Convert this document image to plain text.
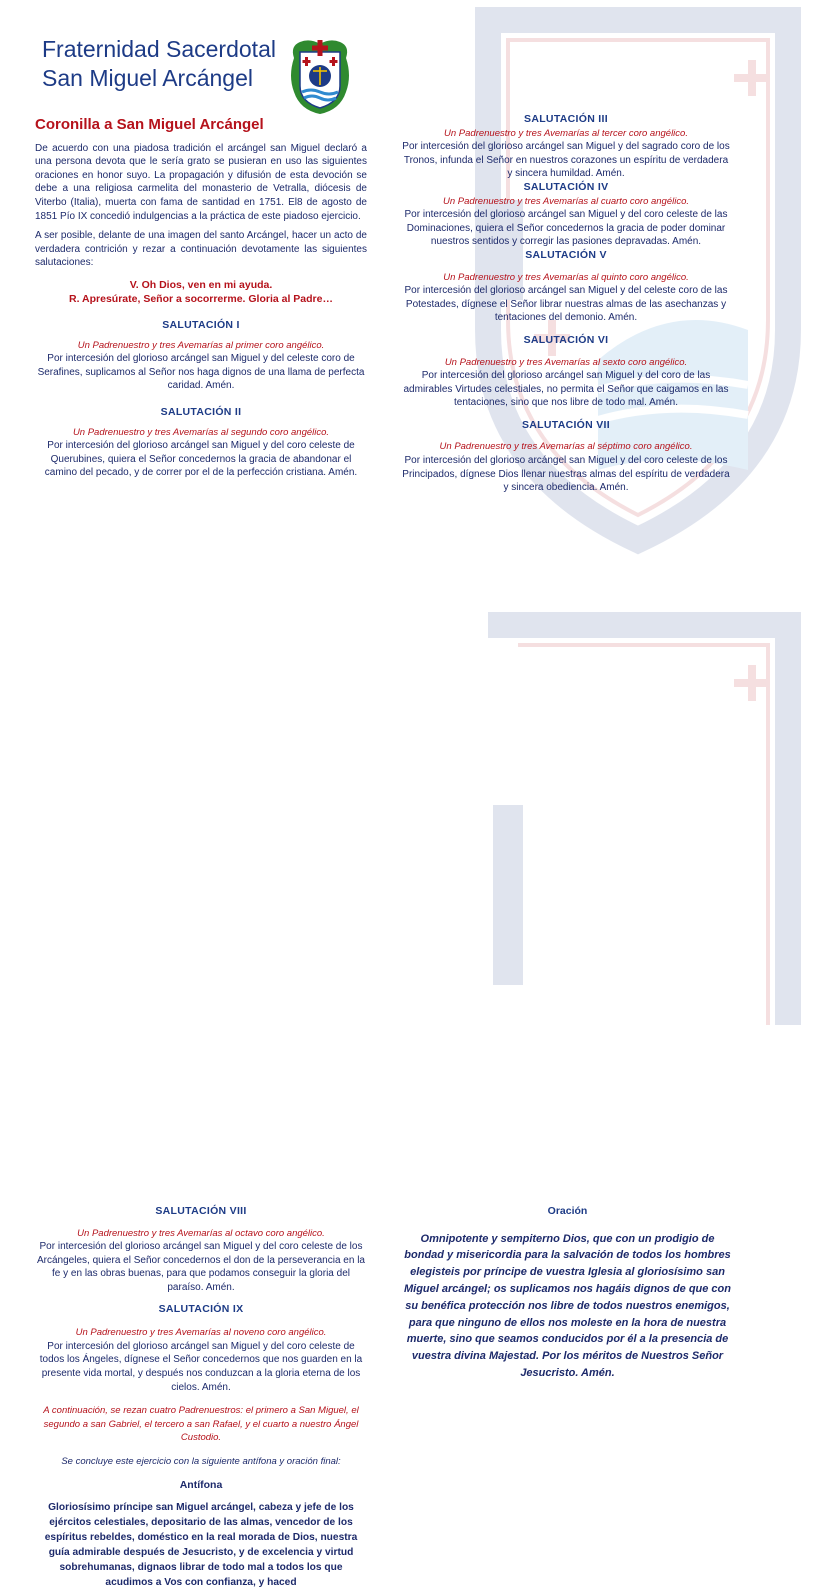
Fraternidad Sacerdotal
San Miguel Arcángel
Coronilla a San Miguel Arcángel

De acuerdo con una piadosa tradición el arcángel san Miguel declaró a una persona devota que le sería grato se pusieran en uso las siguientes oraciones en honor suyo. La propagación y difusión de esta devoción se debe a una religiosa carmelita del monasterio de Vetralla, diócesis de Viterbo (Italia), muerta con fama de santidad en 1751. El8 de agosto de 1851 Pío IX concedió indulgencias a la práctica de este piadoso ejercicio.

A ser posible, delante de una imagen del santo Arcángel, hacer un acto de verdadera contrición y rezar a continuación devotamente las siguientes salutaciones:

V. Oh Dios, ven en mi ayuda.
R. Apresúrate, Señor a socorrerme. Gloria al Padre…
SALUTACIÓN I
Un Padrenuestro y tres Avemarías al primer coro angélico.
Por intercesión del glorioso arcángel san Miguel y del celeste coro de Serafines, suplicamos al Señor nos haga dignos de una llama de perfecta caridad. Amén.
SALUTACIÓN II
Un Padrenuestro y tres Avemarías al segundo coro angélico.
Por intercesión del glorioso arcángel san Miguel y del coro celeste de Querubines, quiera el Señor concedernos la gracia de abandonar el camino del pecado, y de correr por el de la perfección cristiana. Amén.
SALUTACIÓN III
Un Padrenuestro y tres Avemarías al tercer coro angélico.
Por intercesión del glorioso arcángel san Miguel y del sagrado coro de los Tronos, infunda el Señor en nuestros corazones un espíritu de verdadera y sincera humildad. Amén.
SALUTACIÓN IV
Un Padrenuestro y tres Avemarías al cuarto coro angélico.
Por intercesión del glorioso arcángel san Miguel y del coro celeste de las Dominaciones, quiera el Señor concedernos la gracia de poder dominar nuestros sentidos y corregir las pasiones depravadas. Amén.
SALUTACIÓN V
Un Padrenuestro y tres Avemarías al quinto coro angélico.
Por intercesión del glorioso arcángel san Miguel y del celeste coro de las Potestades, dígnese el Señor librar nuestras almas de las asechanzas y tentaciones del demonio. Amén.
SALUTACIÓN VI
Un Padrenuestro y tres Avemarías al sexto coro angélico.
Por intercesión del glorioso arcángel san Miguel y del coro de las admirables Virtudes celestiales, no permita el Señor que caigamos en las tentaciones, sino que nos libre de todo mal. Amén.
SALUTACIÓN VII
Un Padrenuestro y tres Avemarías al séptimo coro angélico.
Por intercesión del glorioso arcángel san Miguel y del coro celeste de los Principados, dígnese Dios llenar nuestras almas del espíritu de verdadera y sincera obediencia. Amén.
SALUTACIÓN VIII
Un Padrenuestro y tres Avemarías al octavo coro angélico.
Por intercesión del glorioso arcángel san Miguel y del coro celeste de los Arcángeles, quiera el Señor concedernos el don de la perseverancia en la fe y en las obras buenas, para que podamos conseguir la gloria del paraíso. Amén.
SALUTACIÓN IX
Un Padrenuestro y tres Avemarías al noveno coro angélico.
Por intercesión del glorioso arcángel san Miguel y del coro celeste de todos los Ángeles, dígnese el Señor concedernos que nos guarden en la presente vida mortal, y después nos conduzcan a la gloria eterna de los cielos. Amén.
A continuación, se rezan cuatro Padrenuestros: el primero a San Miguel, el segundo a san Gabriel, el tercero a san Rafael, y el cuarto a nuestro Ángel Custodio.
Se concluye este ejercicio con la siguiente antífona y oración final:
Antífona
Gloriosísimo príncipe san Miguel arcángel, cabeza y jefe de los ejércitos celestiales, depositario de las almas, vencedor de los espíritus rebeldes, doméstico en la real morada de Dios, nuestra guía admirable después de Jesucristo, y de excelencia y virtud sobrehumanas, dignaos librar de todo mal a todos los que acudimos a Vos con confianza, y haced
Oración
Omnipotente y sempiterno Dios, que con un prodigio de bondad y misericordia para la salvación de todos los hombres elegisteis por príncipe de vuestra Iglesia al gloriosísimo san Miguel arcángel; os suplicamos nos hagáis dignos de que con su benéfica protección nos libre de todos nuestros enemigos, para que ninguno de ellos nos moleste en la hora de nuestra muerte, sino que seamos conducidos por él a la presencia de vuestra divina Majestad. Por los méritos de Nuestros Señor Jesucristo. Amén.
